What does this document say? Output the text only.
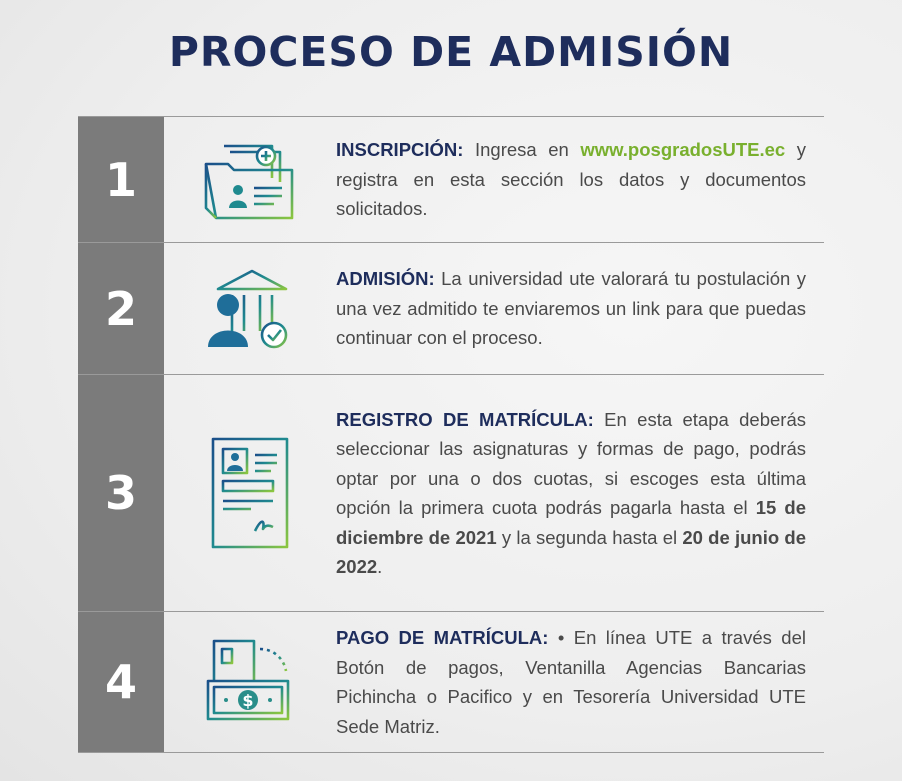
PROCESO DE ADMISIÓN
1

INSCRIPCIÓN: Ingresa en www.posgradosUTE.ec y registra en esta sección los datos y documentos solicitados.

2

ADMISIÓN: La universidad ute valorará tu postulación y una vez admitido te enviaremos un link para que puedas continuar con el proceso.

3

REGISTRO DE MATRÍCULA: En esta etapa deberás seleccionar las asignaturas y formas de pago, podrás optar por una o dos cuotas, si escoges esta última opción la primera cuota podrás pagarla hasta el 15 de diciembre de 2021 y la segunda hasta el 20 de junio de 2022.

4	$

PAGO DE MATRÍCULA: • En línea UTE a través del Botón de pagos, Ventanilla Agencias Bancarias Pichincha o Pacifico y en Tesorería Universidad UTE Sede Matriz.
